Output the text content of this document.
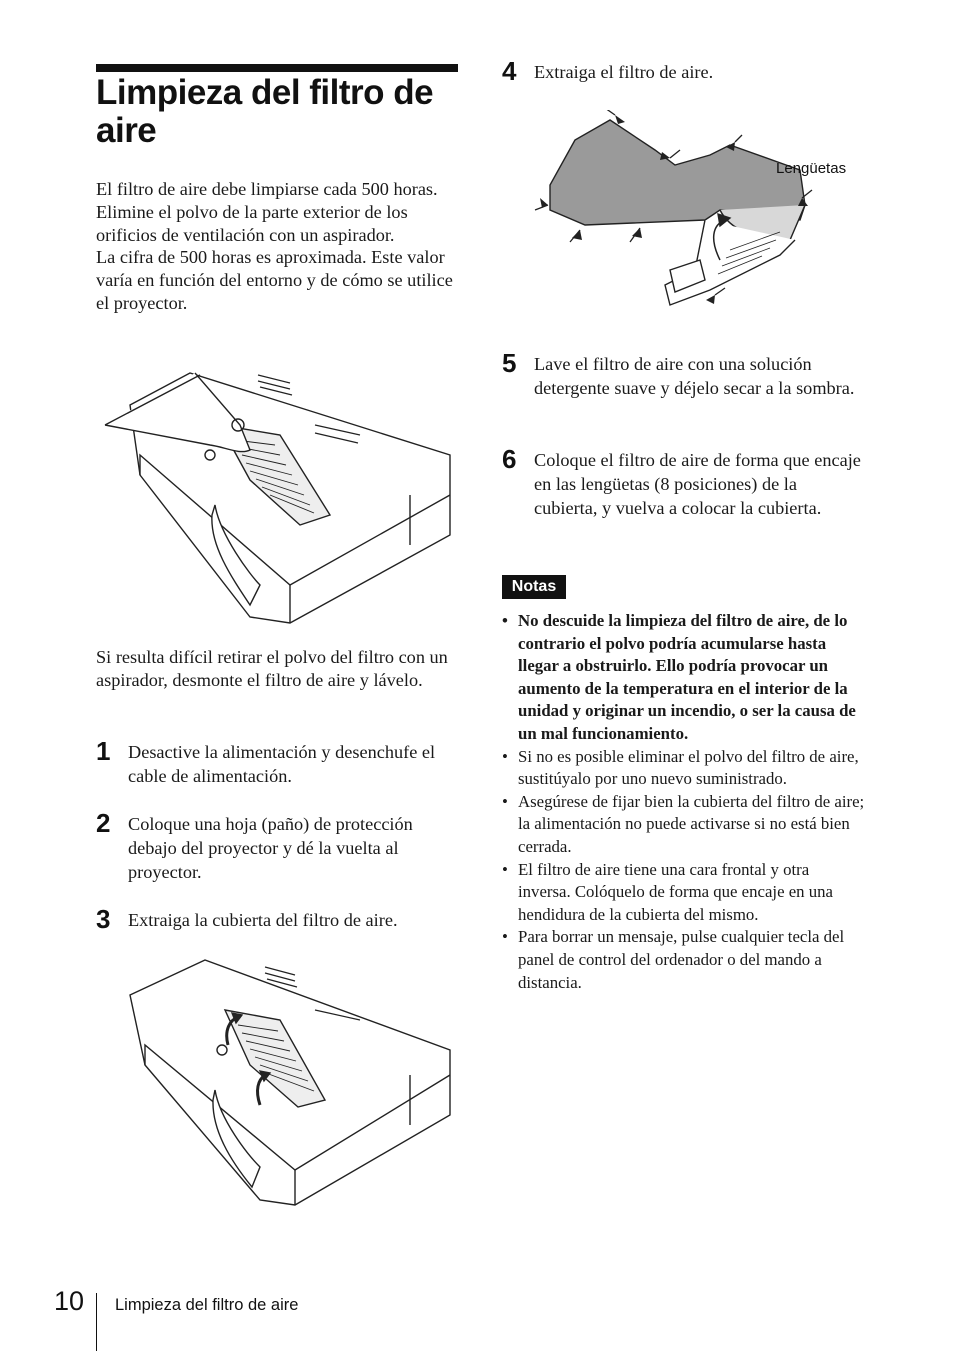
Limpieza del filtro de aire
El filtro de aire debe limpiarse cada 500 horas.
Elimine el polvo de la parte exterior de los orificios de ventilación con un aspirador.
La cifra de 500 horas es aproximada. Este valor varía en función del entorno y de cómo se utilice el proyector.
Si resulta difícil retirar el polvo del filtro con un aspirador, desmonte el filtro de aire y lávelo.
1 Desactive la alimentación y desenchufe el cable de alimentación.
2 Coloque una hoja (paño) de protección debajo del proyector y dé la vuelta al proyector.
3 Extraiga la cubierta del filtro de aire.
4 Extraiga el filtro de aire.
Lengüetas
5 Lave el filtro de aire con una solución detergente suave y déjelo secar a la sombra.
6 Coloque el filtro de aire de forma que encaje en las lengüetas (8 posiciones) de la cubierta, y vuelva a colocar la cubierta.
Notas
• No descuide la limpieza del filtro de aire, de lo contrario el polvo podría acumularse hasta llegar a obstruirlo. Ello podría provocar un aumento de la temperatura en el interior de la unidad y originar un incendio, o ser la causa de un mal funcionamiento.
• Si no es posible eliminar el polvo del filtro de aire, sustitúyalo por uno nuevo suministrado.
• Asegúrese de fijar bien la cubierta del filtro de aire; la alimentación no puede activarse si no está bien cerrada.
• El filtro de aire tiene una cara frontal y otra inversa. Colóquelo de forma que encaje en una hendidura de la cubierta del mismo.
• Para borrar un mensaje, pulse cualquier tecla del panel de control del ordenador o del mando a distancia.
10 Limpieza del filtro de aire
